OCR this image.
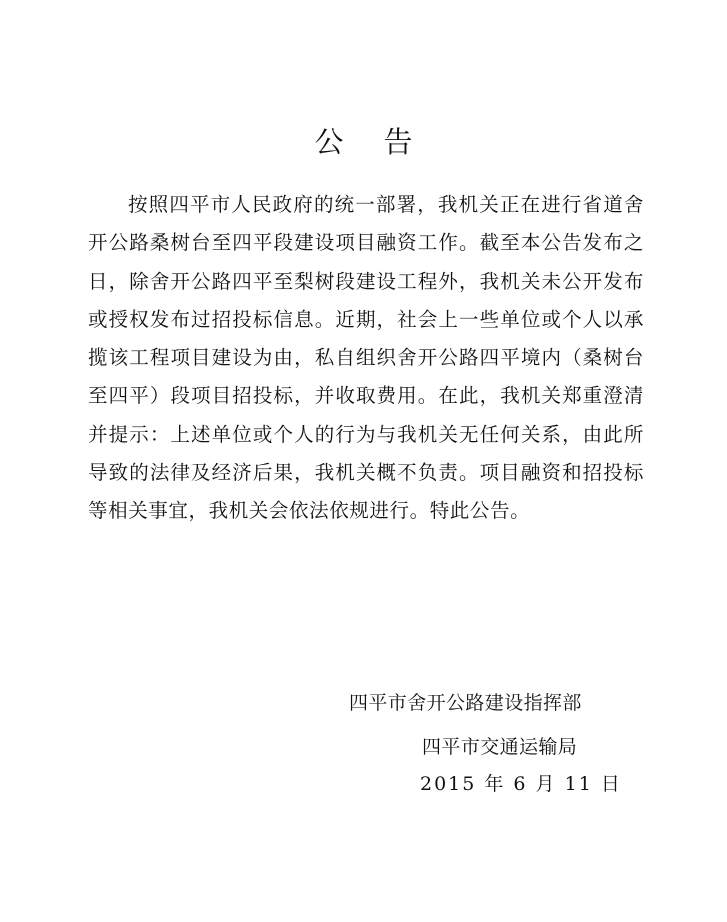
公告

按照四平市人民政府的统一部署，我机关正在进行省道舍开公路桑树台至四平段建设项目融资工作。截至本公告发布之日，除舍开公路四平至梨树段建设工程外，我机关未公开发布或授权发布过招投标信息。近期，社会上一些单位或个人以承揽该工程项目建设为由，私自组织舍开公路四平境内（桑树台至四平）段项目招投标，并收取费用。在此，我机关郑重澄清并提示：上述单位或个人的行为与我机关无任何关系，由此所导致的法律及经济后果，我机关概不负责。项目融资和招投标等相关事宜，我机关会依法依规进行。特此公告。

四平市舍开公路建设指挥部
四平市交通运输局
2015 年 6 月 11 日
